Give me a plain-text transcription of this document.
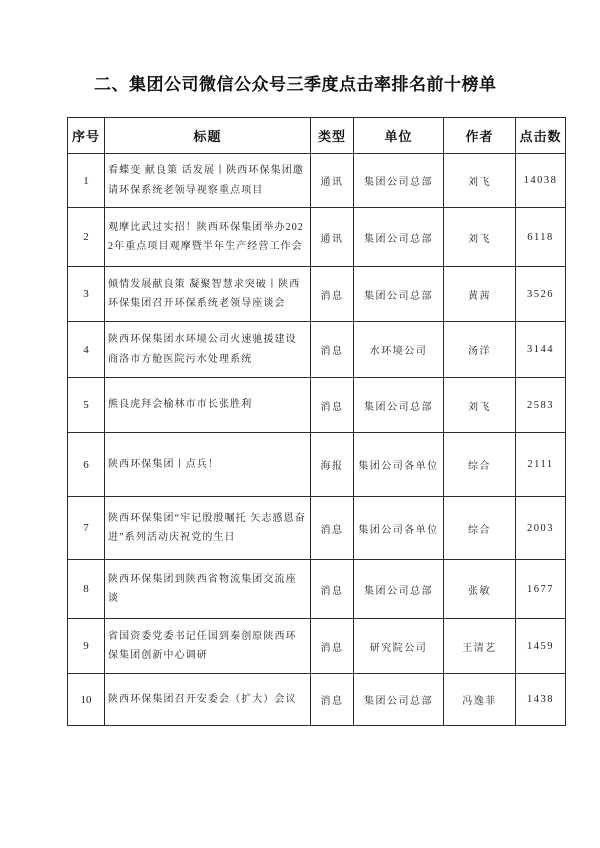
二、集团公司微信公众号三季度点击率排名前十榜单
序号	标题	类型	单位	作者	点击数
1	看蝶变 献良策 话发展丨陕西环保集团邀请环保系统老领导视察重点项目	通讯	集团公司总部	刘飞	14038
2	观摩比武过实招！陕西环保集团举办2022年重点项目观摩暨半年生产经营工作会	通讯	集团公司总部	刘飞	6118
3	倾情发展献良策 凝聚智慧求突破丨陕西环保集团召开环保系统老领导座谈会	消息	集团公司总部	黄茜	3526
4	陕西环保集团水环境公司火速驰援建设商洛市方舱医院污水处理系统	消息	水环境公司	汤洋	3144
5	熊良虎拜会榆林市市长张胜利	消息	集团公司总部	刘飞	2583
6	陕西环保集团丨点兵！	海报	集团公司各单位	综合	2111
7	陕西环保集团“牢记殷殷嘱托 矢志感恩奋进”系列活动庆祝党的生日	消息	集团公司各单位	综合	2003
8	陕西环保集团到陕西省物流集团交流座谈	消息	集团公司总部	张敏	1677
9	省国资委党委书记任国到秦创原陕西环保集团创新中心调研	消息	研究院公司	王清艺	1459
10	陕西环保集团召开安委会（扩大）会议	消息	集团公司总部	冯逸菲	1438
